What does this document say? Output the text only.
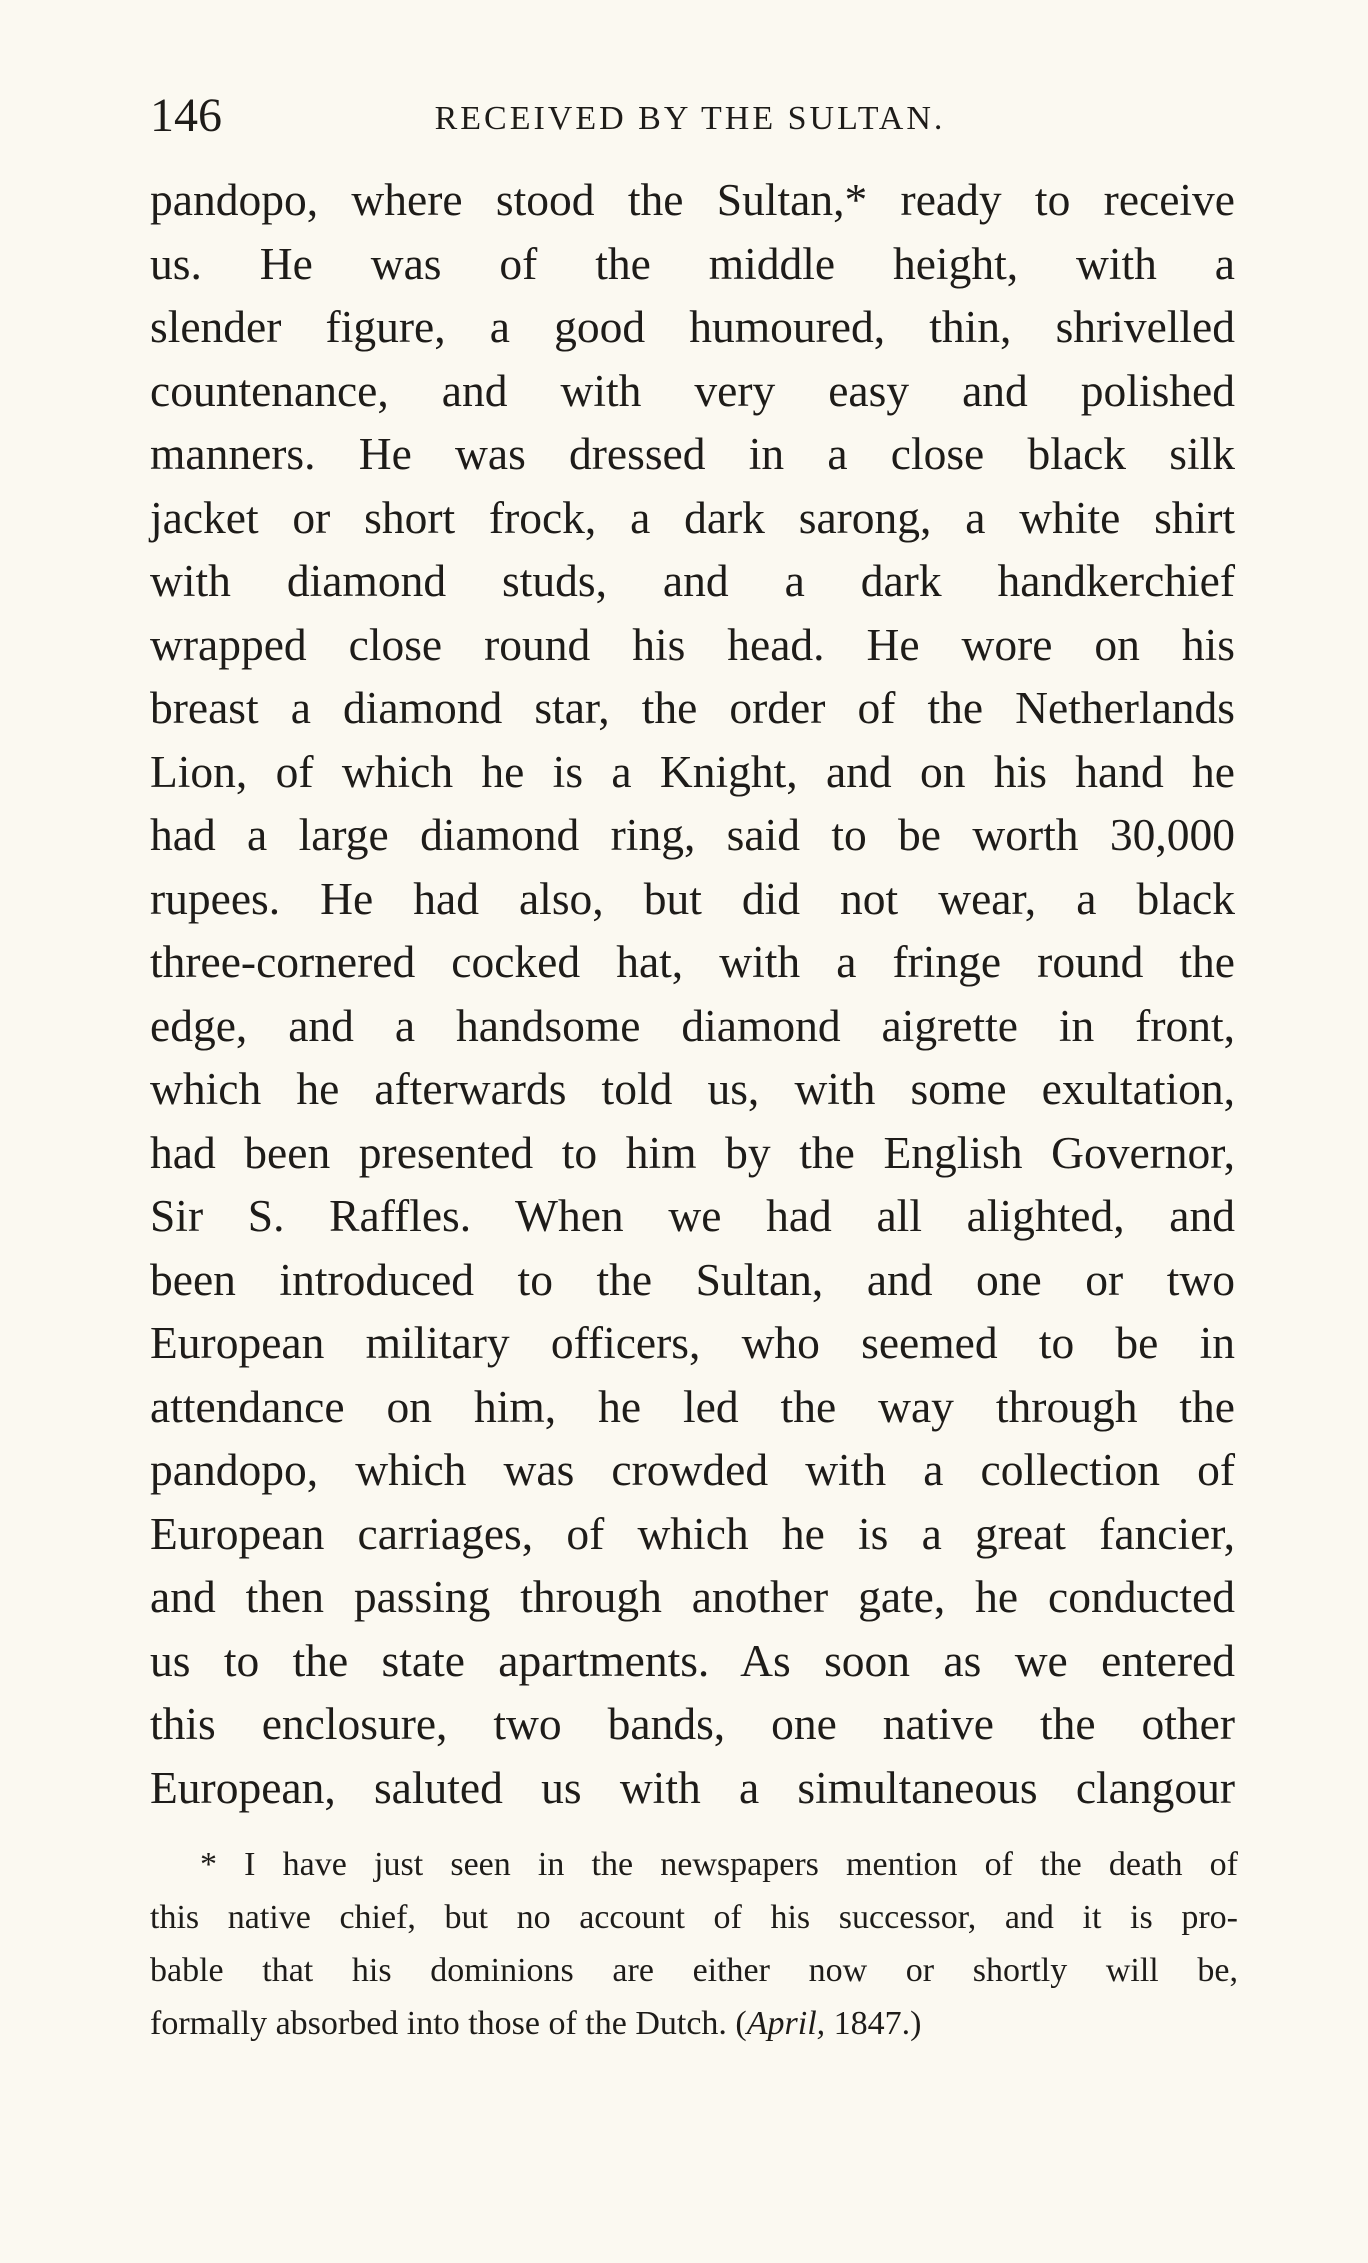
146	RECEIVED BY THE SULTAN.
pandopo, where stood the Sultan,* ready to receive
us. He was of the middle height, with a
slender figure, a good humoured, thin, shrivelled
countenance, and with very easy and polished
manners. He was dressed in a close black silk
jacket or short frock, a dark sarong, a white shirt
with diamond studs, and a dark handkerchief
wrapped close round his head. He wore on his
breast a diamond star, the order of the Netherlands
Lion, of which he is a Knight, and on his hand he
had a large diamond ring, said to be worth 30,000
rupees. He had also, but did not wear, a black
three-cornered cocked hat, with a fringe round the
edge, and a handsome diamond aigrette in front,
which he afterwards told us, with some exultation,
had been presented to him by the English Governor,
Sir S. Raffles. When we had all alighted, and
been introduced to the Sultan, and one or two
European military officers, who seemed to be in
attendance on him, he led the way through the
pandopo, which was crowded with a collection of
European carriages, of which he is a great fancier,
and then passing through another gate, he conducted
us to the state apartments. As soon as we entered
this enclosure, two bands, one native the other
European, saluted us with a simultaneous clangour
* I have just seen in the newspapers mention of the death of
this native chief, but no account of his successor, and it is pro-
bable that his dominions are either now or shortly will be,
formally absorbed into those of the Dutch. (April, 1847.)
